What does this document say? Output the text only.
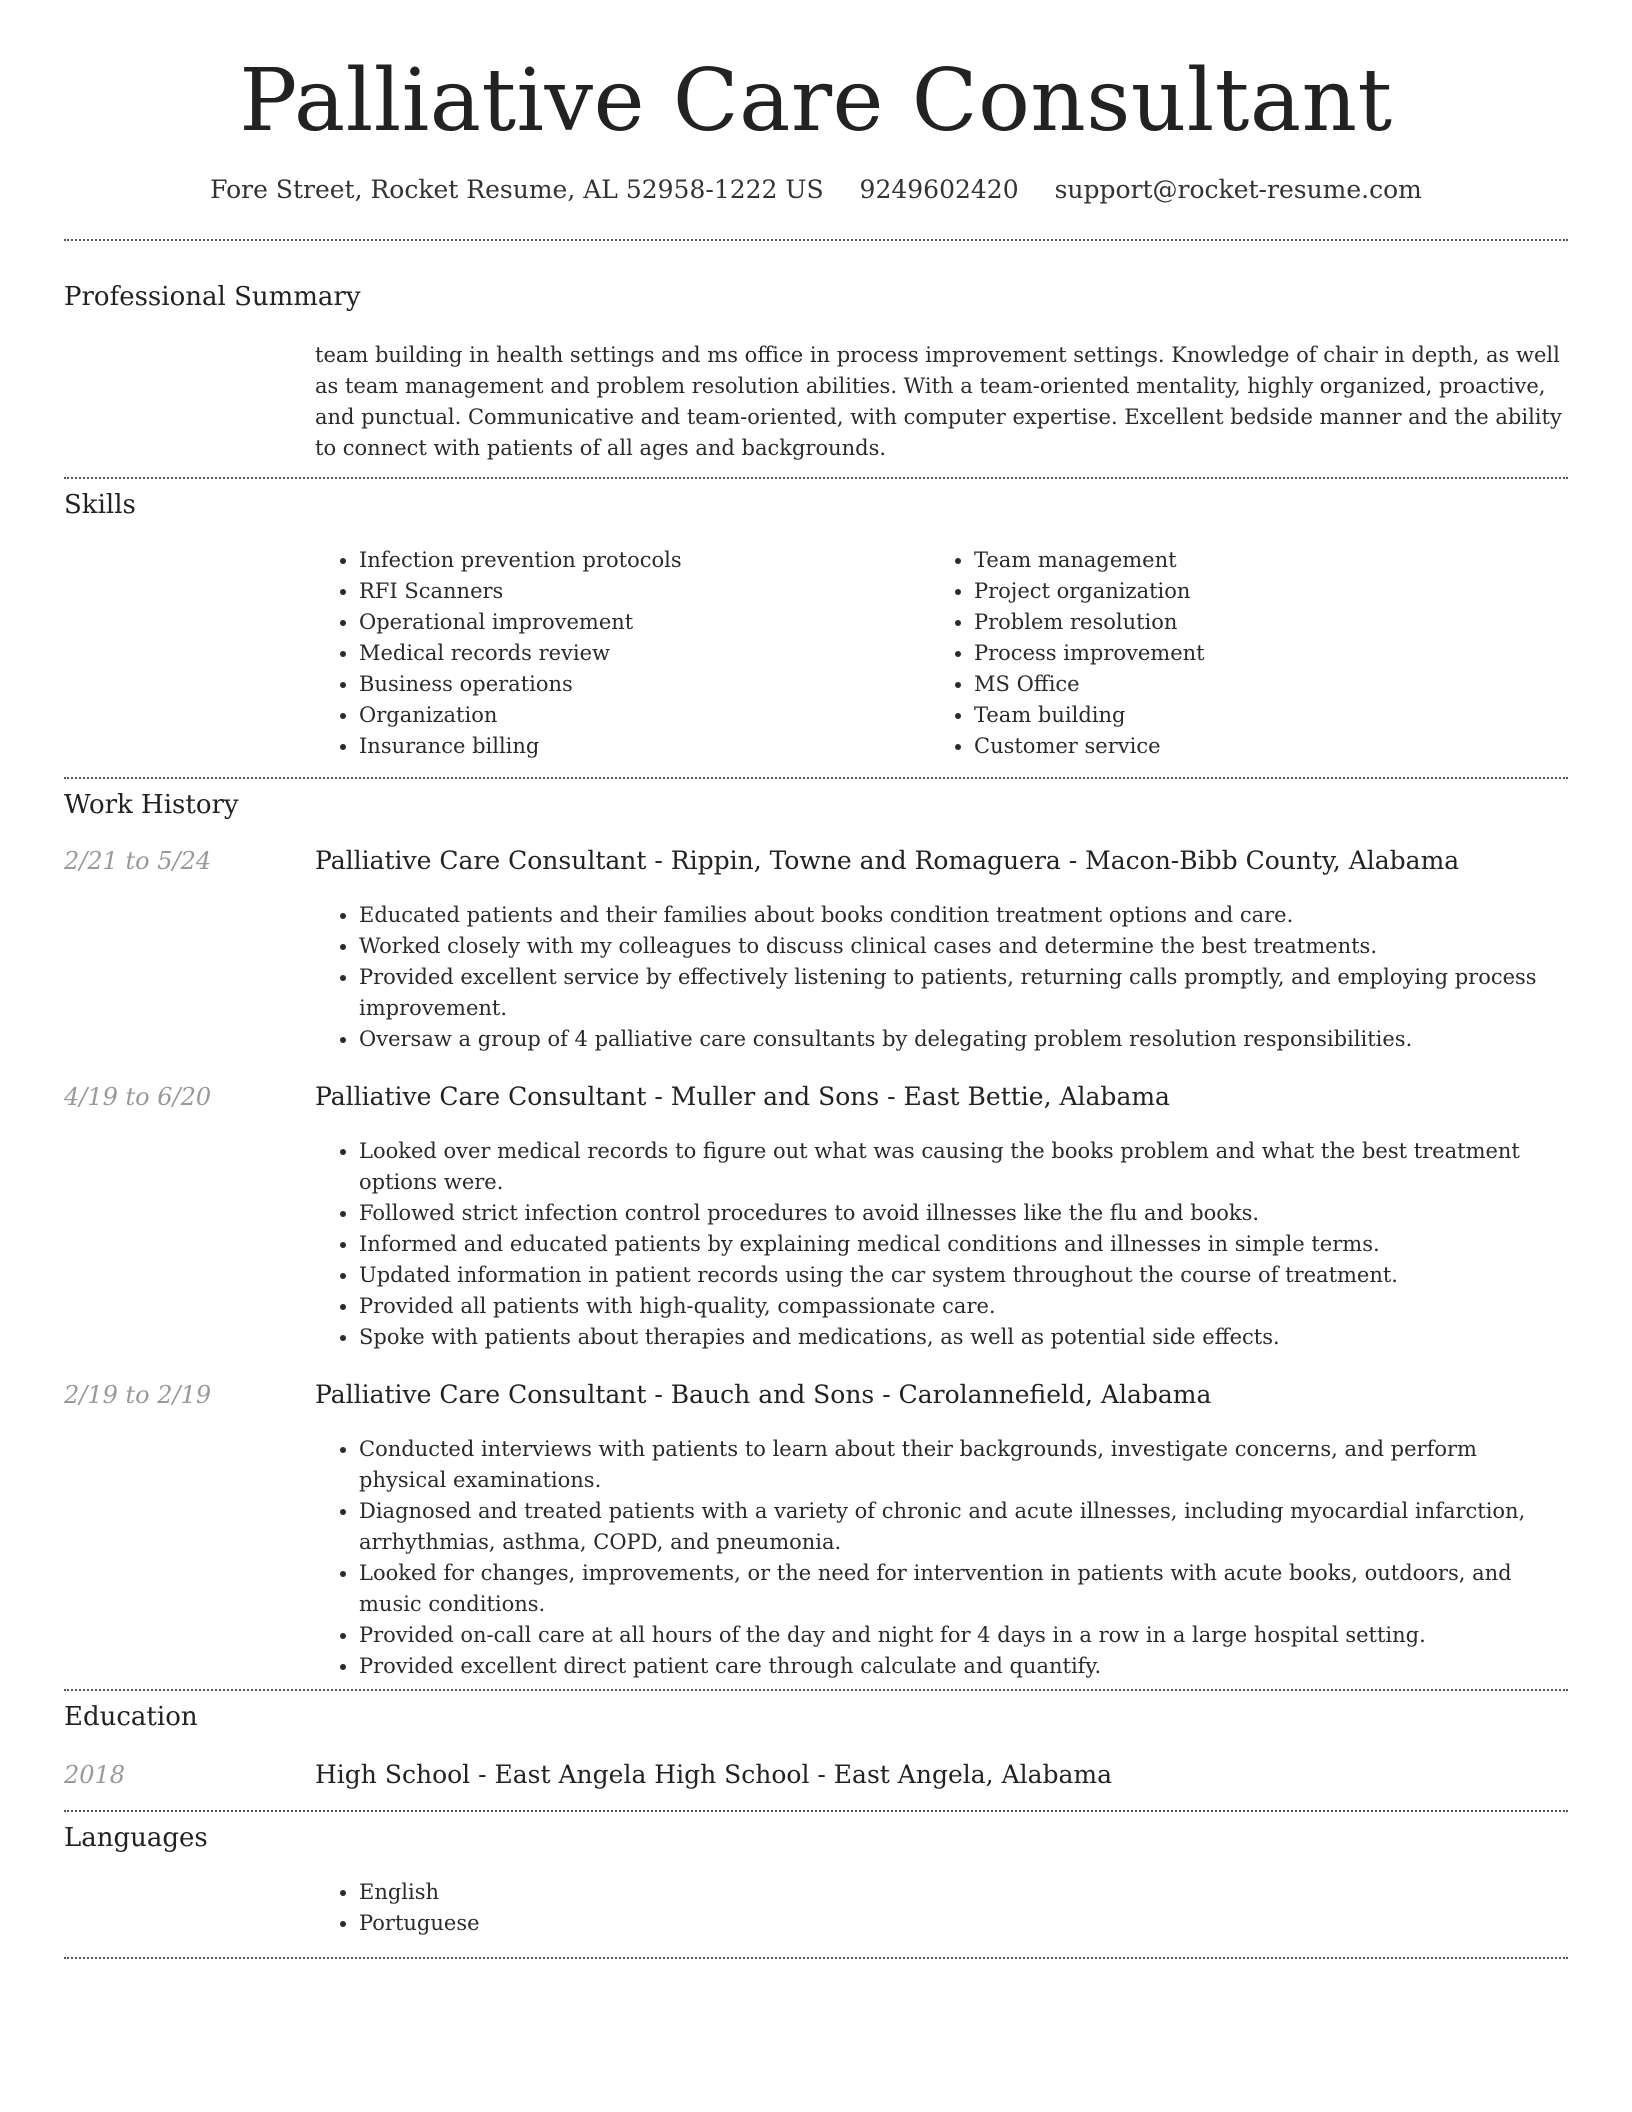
Palliative Care Consultant
Fore Street, Rocket Resume, AL 52958-1222 US 9249602420 support@rocket-resume.com
Professional Summary
team building in health settings and ms office in process improvement settings. Knowledge of chair in depth, as well as team management and problem resolution abilities. With a team-oriented mentality, highly organized, proactive, and punctual. Communicative and team-oriented, with computer expertise. Excellent bedside manner and the ability to connect with patients of all ages and backgrounds.
Skills
• Infection prevention protocols
• RFI Scanners
• Operational improvement
• Medical records review
• Business operations
• Organization
• Insurance billing
• Team management
• Project organization
• Problem resolution
• Process improvement
• MS Office
• Team building
• Customer service
Work History
2/21 to 5/24	Palliative Care Consultant - Rippin, Towne and Romaguera - Macon-Bibb County, Alabama
• Educated patients and their families about books condition treatment options and care.
• Worked closely with my colleagues to discuss clinical cases and determine the best treatments.
• Provided excellent service by effectively listening to patients, returning calls promptly, and employing process improvement.
• Oversaw a group of 4 palliative care consultants by delegating problem resolution responsibilities.
4/19 to 6/20	Palliative Care Consultant - Muller and Sons - East Bettie, Alabama
• Looked over medical records to figure out what was causing the books problem and what the best treatment options were.
• Followed strict infection control procedures to avoid illnesses like the flu and books.
• Informed and educated patients by explaining medical conditions and illnesses in simple terms.
• Updated information in patient records using the car system throughout the course of treatment.
• Provided all patients with high-quality, compassionate care.
• Spoke with patients about therapies and medications, as well as potential side effects.
2/19 to 2/19	Palliative Care Consultant - Bauch and Sons - Carolannefield, Alabama
• Conducted interviews with patients to learn about their backgrounds, investigate concerns, and perform physical examinations.
• Diagnosed and treated patients with a variety of chronic and acute illnesses, including myocardial infarction, arrhythmias, asthma, COPD, and pneumonia.
• Looked for changes, improvements, or the need for intervention in patients with acute books, outdoors, and music conditions.
• Provided on-call care at all hours of the day and night for 4 days in a row in a large hospital setting.
• Provided excellent direct patient care through calculate and quantify.
Education
2018	High School - East Angela High School - East Angela, Alabama
Languages
• English
• Portuguese
